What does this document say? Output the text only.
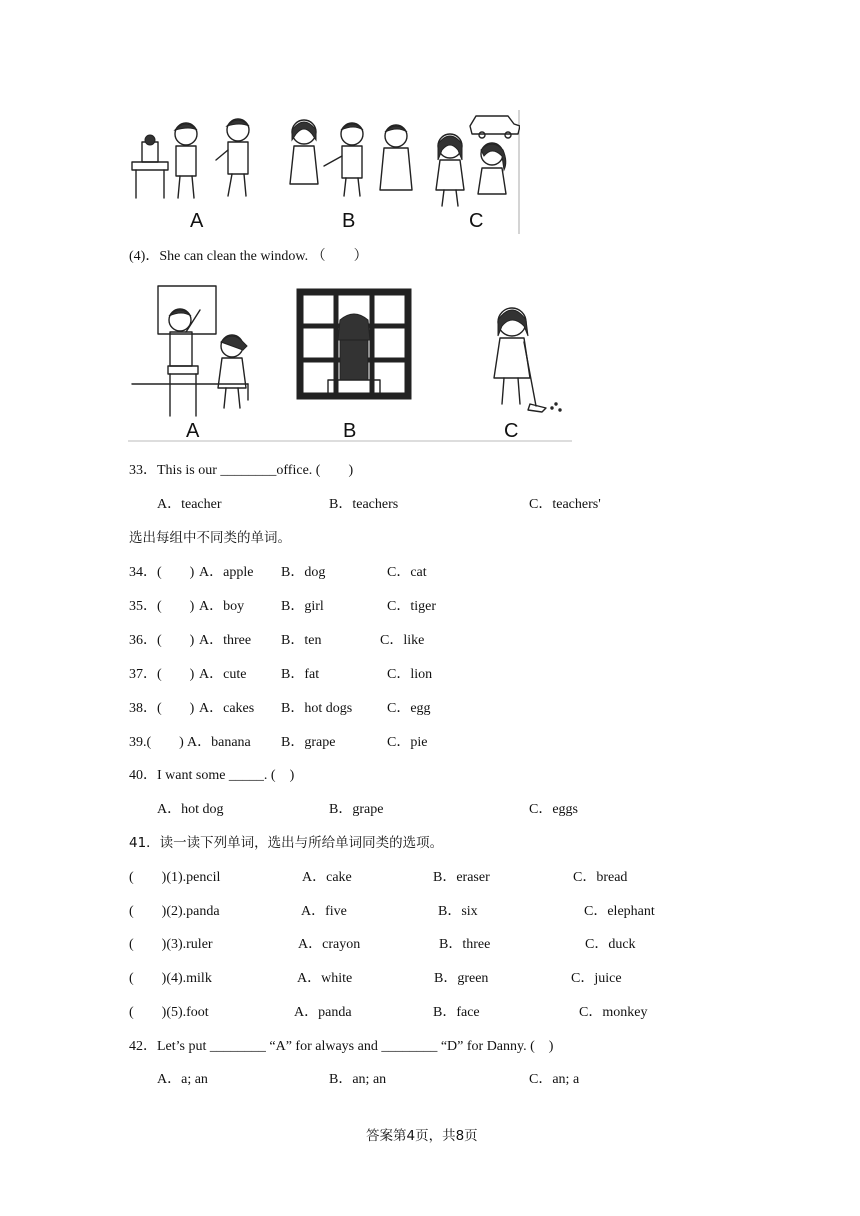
A	B	C
(4)．She can clean the window. （　　）
A	B	C
33．This is our ________office. (　　)
A．teacher	B．teachers	C．teachers'
选出每组中不同类的单词。
34．(　　) A．apple B．dog	C．cat
35．(　　) A．boy	B．girl	C．tiger
36．(　　) A．three B．ten	C．like
37．(　　) A．cute B．fat	C．lion
38．(　　) A．cakes B．hot dogs C．egg
39.(　　) A．banana B．grape	C．pie
40．I want some _____. (　)
A．hot dog	B．grape	C．eggs
41．读一读下列单词，选出与所给单词同类的选项。
(　　)(1).pencil	A．cake	B．eraser	C．bread
(　　)(2).panda	A．five	B．six	C．elephant
(　　)(3).ruler	A．crayon	B．three	C．duck
(　　)(4).milk	A．white	B．green	C．juice
(　　)(5).foot	A．panda	B．face	C．monkey
42．Let’s put ________ “A” for always and ________ “D” for Danny. (　)
A．a; an	B．an; an	C．an; a
答案第4页，共8页
